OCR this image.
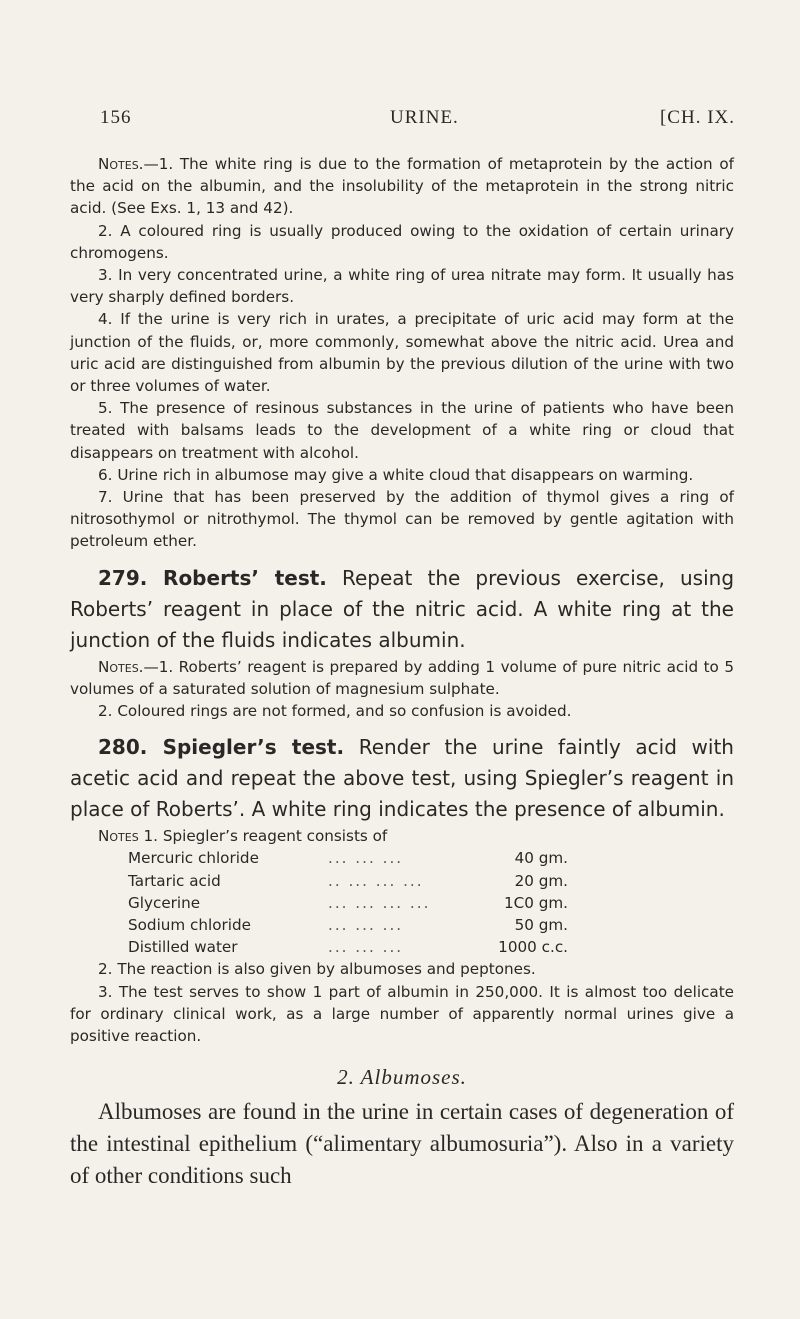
156	URINE.	[CH. IX.

Notes.—1. The white ring is due to the formation of metaprotein by the action of the acid on the albumin, and the insolubility of the metaprotein in the strong nitric acid. (See Exs. 1, 13 and 42).

2. A coloured ring is usually produced owing to the oxidation of certain urinary chromogens.

3. In very concentrated urine, a white ring of urea nitrate may form. It usually has very sharply defined borders.

4. If the urine is very rich in urates, a precipitate of uric acid may form at the junction of the fluids, or, more commonly, somewhat above the nitric acid. Urea and uric acid are distinguished from albumin by the previous dilution of the urine with two or three volumes of water.

5. The presence of resinous substances in the urine of patients who have been treated with balsams leads to the development of a white ring or cloud that disappears on treatment with alcohol.

6. Urine rich in albumose may give a white cloud that disappears on warming.

7. Urine that has been preserved by the addition of thymol gives a ring of nitrosothymol or nitrothymol. The thymol can be removed by gentle agitation with petroleum ether.

279. Roberts’ test. Repeat the previous exercise, using Roberts’ reagent in place of the nitric acid. A white ring at the junction of the fluids indicates albumin.

Notes.—1. Roberts’ reagent is prepared by adding 1 volume of pure nitric acid to 5 volumes of a saturated solution of magnesium sulphate.

2. Coloured rings are not formed, and so confusion is avoided.

280. Spiegler’s test. Render the urine faintly acid with acetic acid and repeat the above test, using Spiegler’s reagent in place of Roberts’. A white ring indicates the presence of albumin.

Notes 1. Spiegler’s reagent consists of

Mercuric chloride	... ... ...	40 gm.
Tartaric acid	.. ... ... ...	20 gm.
Glycerine	... ... ... ...	1C0 gm.
Sodium chloride	... ... ...	50 gm.
Distilled water	... ... ...	1000 c.c.

2. The reaction is also given by albumoses and peptones.

3. The test serves to show 1 part of albumin in 250,000. It is almost too delicate for ordinary clinical work, as a large number of apparently normal urines give a positive reaction.

2. Albumoses.

Albumoses are found in the urine in certain cases of degeneration of the intestinal epithelium (“alimentary albumosuria”). Also in a variety of other conditions such
